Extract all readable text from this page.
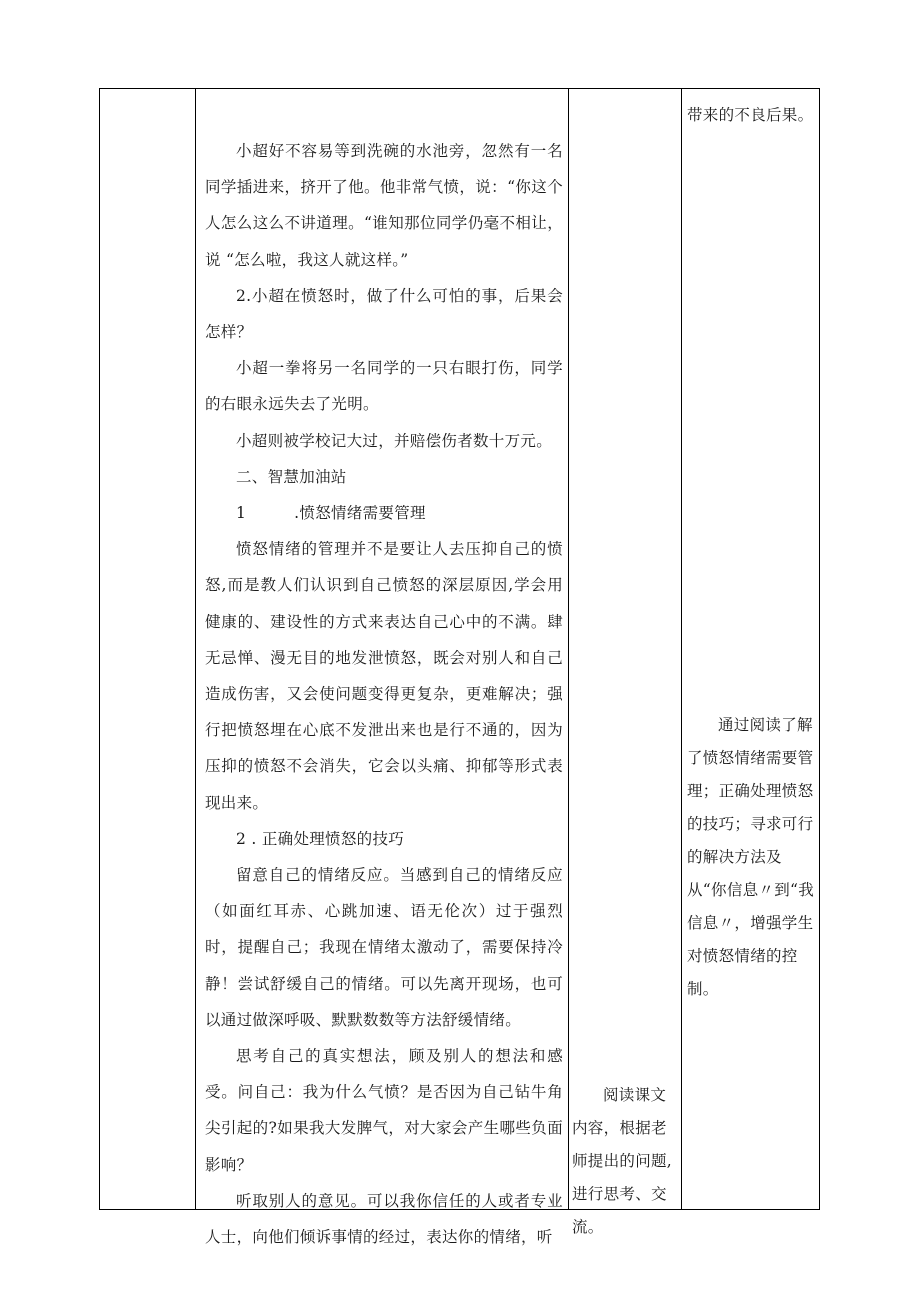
带来的不良后果。

小超好不容易等到洗碗的水池旁，忽然有一名同学插进来，挤开了他。他非常气愤，说：“你这个人怎么这么不讲道理。“谁知那位同学仍毫不相让，说 “怎么啦，我这人就这样。”

2.小超在愤怒时，做了什么可怕的事，后果会怎样？

小超一拳将另一名同学的一只右眼打伤，同学的右眼永远失去了光明。

小超则被学校记大过，并赔偿伤者数十万元。

二、智慧加油站

1	.愤怒情绪需要管理

愤怒情绪的管理并不是要让人去压抑自己的愤怒,而是教人们认识到自己愤怒的深层原因,学会用健康的、建设性的方式来表达自己心中的不满。肆无忌惮、漫无目的地发泄愤怒，既会对别人和自己造成伤害，又会使问题变得更复杂，更难解决；强行把愤怒埋在心底不发泄出来也是行不通的，因为压抑的愤怒不会消失，它会以头痛、抑郁等形式表现出来。

2 . 正确处理愤怒的技巧

留意自己的情绪反应。当感到自己的情绪反应（如面红耳赤、心跳加速、语无伦次）过于强烈时，提醒自己；我现在情绪太激动了，需要保持冷静！尝试舒缓自己的情绪。可以先离开现场，也可以通过做深呼吸、默默数数等方法舒缓情绪。

思考自己的真实想法，顾及别人的想法和感受。问自己：我为什么气愤？是否因为自己钻牛角尖引起的?如果我大发脾气，对大家会产生哪些负面影响？

听取别人的意见。可以我你信任的人或者专业人士，向他们倾诉事情的经过，表达你的情绪，听

阅读课文内容，根据老师提出的问题,进行思考、交流。

通过阅读了解了愤怒情绪需要管理；正确处理愤怒的技巧；寻求可行的解决方法及从“你信息〃到“我信息〃，增强学生对愤怒情绪的控制。
